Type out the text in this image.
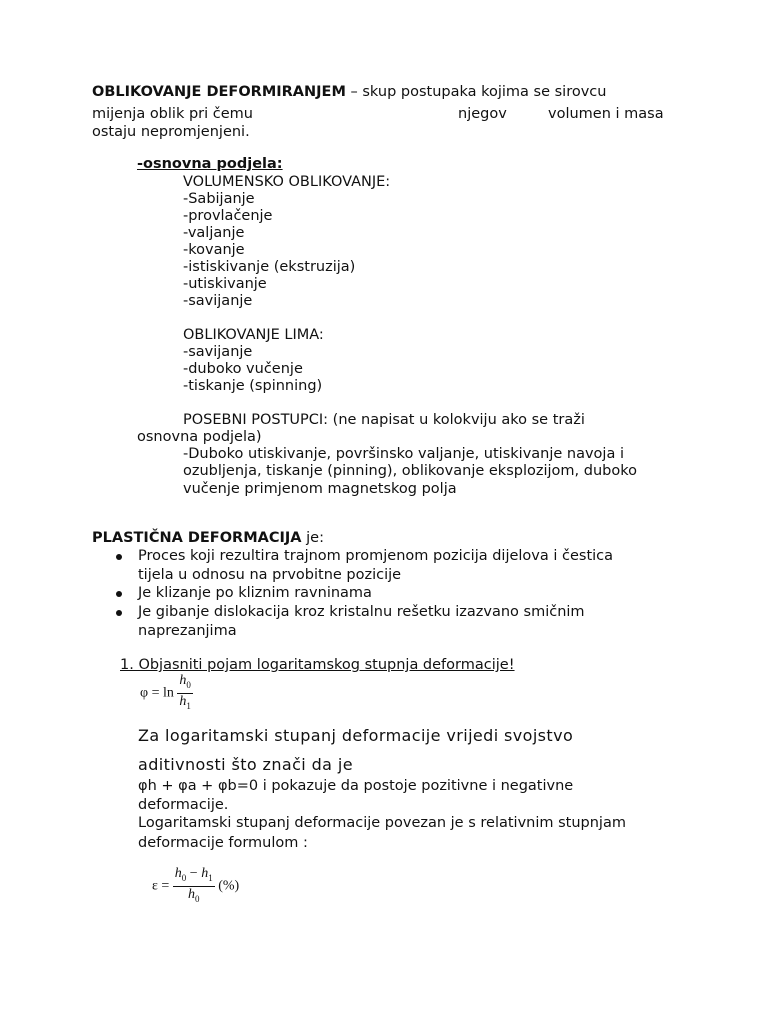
OBLIKOVANJE DEFORMIRANJEM – skup postupaka kojima se sirovcu
mijenja oblik pri čemu	njegov	volumen i masa
ostaju nepromjenjeni.
-osnovna podjela:
VOLUMENSKO OBLIKOVANJE:
-Sabijanje
-provlačenje
-valjanje
-kovanje
-istiskivanje (ekstruzija)
-utiskivanje
-savijanje
OBLIKOVANJE LIMA:
-savijanje
-duboko vučenje
-tiskanje (spinning)
POSEBNI POSTUPCI: (ne napisat u kolokviju ako se traži
osnovna podjela)
-Duboko utiskivanje, površinsko valjanje, utiskivanje navoja i
ozubljenja, tiskanje (pinning), oblikovanje eksplozijom, duboko
vučenje primjenom magnetskog polja
PLASTIČNA DEFORMACIJA je:
Proces koji rezultira trajnom promjenom pozicija dijelova i čestica
tijela u odnosu na prvobitne pozicije
Je klizanje po kliznim ravninama
Je gibanje dislokacija kroz kristalnu rešetku izazvano smičnim
naprezanjima
1. Objasniti pojam logaritamskog stupnja deformacije!
$\varphi = \ln \frac{h_0}{h_1}$
Za logaritamski stupanj deformacije vrijedi svojstvo
aditivnosti što znači da je
φh + φa + φb=0 i pokazuje da postoje pozitivne i negativne
deformacije.
Logaritamski stupanj deformacije povezan je s relativnim stupnjam
deformacije formulom :
$\varepsilon = \frac{h_0 - h_1}{h_0}$ (%)
